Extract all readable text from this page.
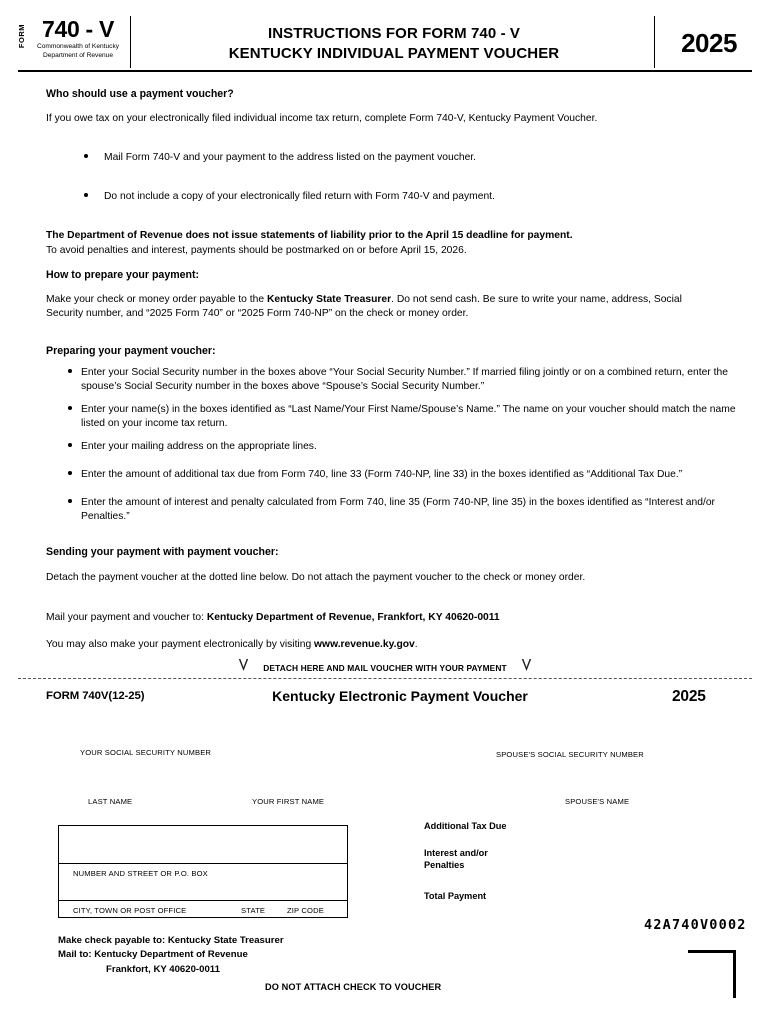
FORM 740 - V
Commonwealth of Kentucky
Department of Revenue
INSTRUCTIONS FOR FORM 740 - V
KENTUCKY INDIVIDUAL PAYMENT VOUCHER	2025
Who should use a payment voucher?
If you owe tax on your electronically filed individual income tax return, complete Form 740-V, Kentucky Payment Voucher.
Mail Form 740-V and your payment to the address listed on the payment voucher.
Do not include a copy of your electronically filed return with Form 740-V and payment.
The Department of Revenue does not issue statements of liability prior to the April 15 deadline for payment.
To avoid penalties and interest, payments should be postmarked on or before April 15, 2026.
How to prepare your payment:
Make your check or money order payable to the Kentucky State Treasurer. Do not send cash. Be sure to write your name, address, Social Security number, and “2025 Form 740” or “2025 Form 740-NP” on the check or money order.
Preparing your payment voucher:
Enter your Social Security number in the boxes above “Your Social Security Number.” If married filing jointly or on a combined return, enter the spouse’s Social Security number in the boxes above “Spouse’s Social Security Number.”
Enter your name(s) in the boxes identified as “Last Name/Your First Name/Spouse’s Name.” The name on your voucher should match the name listed on your income tax return.
Enter your mailing address on the appropriate lines.
Enter the amount of additional tax due from Form 740, line 33 (Form 740-NP, line 33) in the boxes identified as “Additional Tax Due.”
Enter the amount of interest and penalty calculated from Form 740, line 35 (Form 740-NP, line 35) in the boxes identified as “Interest and/or Penalties.”
Sending your payment with payment voucher:
Detach the payment voucher at the dotted line below. Do not attach the payment voucher to the check or money order.
Mail your payment and voucher to: Kentucky Department of Revenue, Frankfort, KY 40620-0011
You may also make your payment electronically by visiting www.revenue.ky.gov.
DETACH HERE AND MAIL VOUCHER WITH YOUR PAYMENT
FORM 740V(12-25)	Kentucky Electronic Payment Voucher	2025
YOUR SOCIAL SECURITY NUMBER	SPOUSE'S SOCIAL SECURITY NUMBER
LAST NAME	YOUR FIRST NAME	SPOUSE'S NAME
NUMBER AND STREET OR P.O. BOX
CITY, TOWN OR POST OFFICE	STATE	ZIP CODE
Additional Tax Due
Interest and/or
Penalties
Total Payment
42A740V0002
Make check payable to: Kentucky State Treasurer
Mail to: Kentucky Department of Revenue
Frankfort, KY 40620-0011
DO NOT ATTACH CHECK TO VOUCHER
